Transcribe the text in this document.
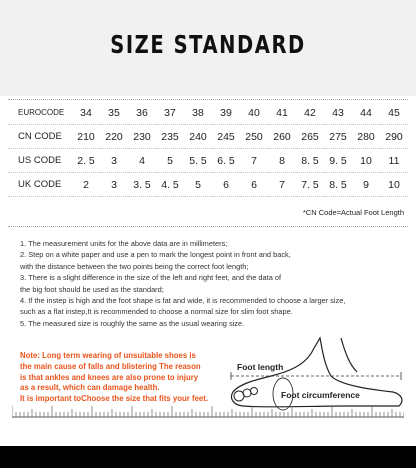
SIZE STANDARD
EUROCODE	34	35	36	37	38	39	40	41	42	43	44	45
CN CODE	210	220	230	235	240	245	250	260	265	275	280	290
US CODE	2. 5	3	4	5	5. 5	6. 5	7	8	8. 5	9. 5	10	11
UK CODE	2	3	3. 5	4. 5	5	6	6	7	7. 5	8. 5	9	10
*CN Code=Actual Foot Length

1. The measurement units for the above data are in millimeters;

2. Step on a white paper and use a pen to mark the longest point in front and back,

with the distance between the two points being the correct foot length;

3. There is a slight difference in the size of the left and right feet, and the data of

the big foot should be used as the standard;

4. If the instep is high and the foot shape is fat and wide, it is recommended to choose a larger size,

such as a flat instep,It is recommended to choose a normal size for slim foot shape.

5. The measured size is roughly the same as the usual wearing size.

Note: Long term wearing of unsuitable shoes is

the main cause of falls and blistering The reason

is that ankles and knees are also prone to injury

as a result, which can damage health.

It is important toChoose the size that fits your feet.

Foot length
Foot circumference
